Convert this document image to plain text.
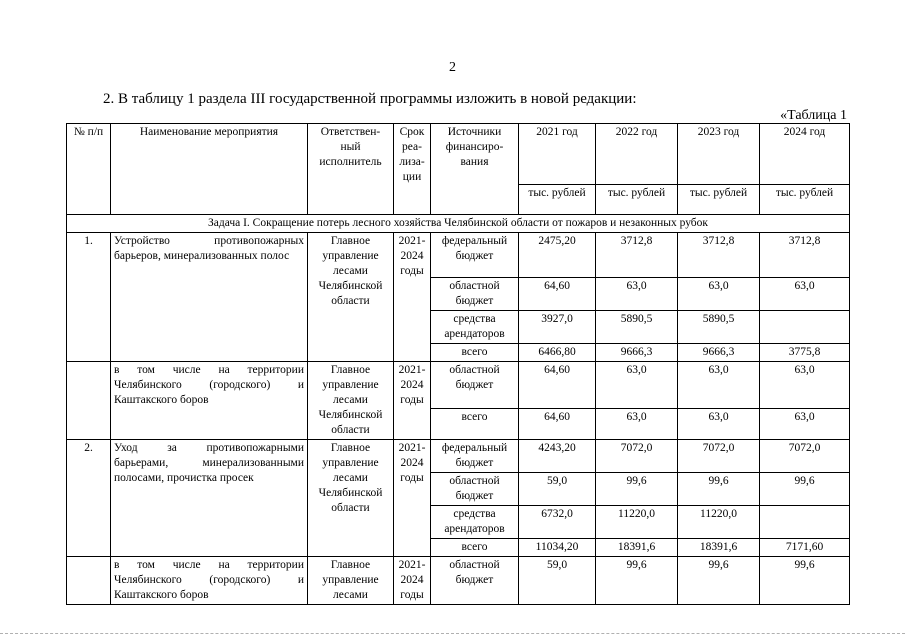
2
2. В таблицу 1 раздела III государственной программы изложить в новой редакции:
«Таблица 1
№ п/п	Наименование мероприятия	Ответствен-ный исполнитель	Срок реа-лиза-ции	Источники финансиро-вания	2021 год	2022 год	2023 год	2024 год
					тыс. рублей	тыс. рублей	тыс. рублей	тыс. рублей
Задача I. Сокращение потерь лесного хозяйства Челябинской области от пожаров и незаконных рубок								
1.	Устройство противопожарных барьеров, минерализованных полос	Главное управление лесами Челябинской области	2021-2024 годы	федеральный бюджет	2475,20	3712,8	3712,8	3712,8
				областной бюджет	64,60	63,0	63,0	63,0
				средства арендаторов	3927,0	5890,5	5890,5	
				всего	6466,80	9666,3	9666,3	3775,8
	в том числе на территории Челябинского (городского) и Каштакского боров	Главное управление лесами Челябинской области	2021-2024 годы	областной бюджет	64,60	63,0	63,0	63,0
				всего	64,60	63,0	63,0	63,0
2.	Уход за противопожарными барьерами, минерализованными полосами, прочистка просек	Главное управление лесами Челябинской области	2021-2024 годы	федеральный бюджет	4243,20	7072,0	7072,0	7072,0
				областной бюджет	59,0	99,6	99,6	99,6
				средства арендаторов	6732,0	11220,0	11220,0	
				всего	11034,20	18391,6	18391,6	7171,60
	в том числе на территории Челябинского (городского) и Каштакского боров	Главное управление лесами	2021-2024 годы	областной бюджет	59,0	99,6	99,6	99,6
